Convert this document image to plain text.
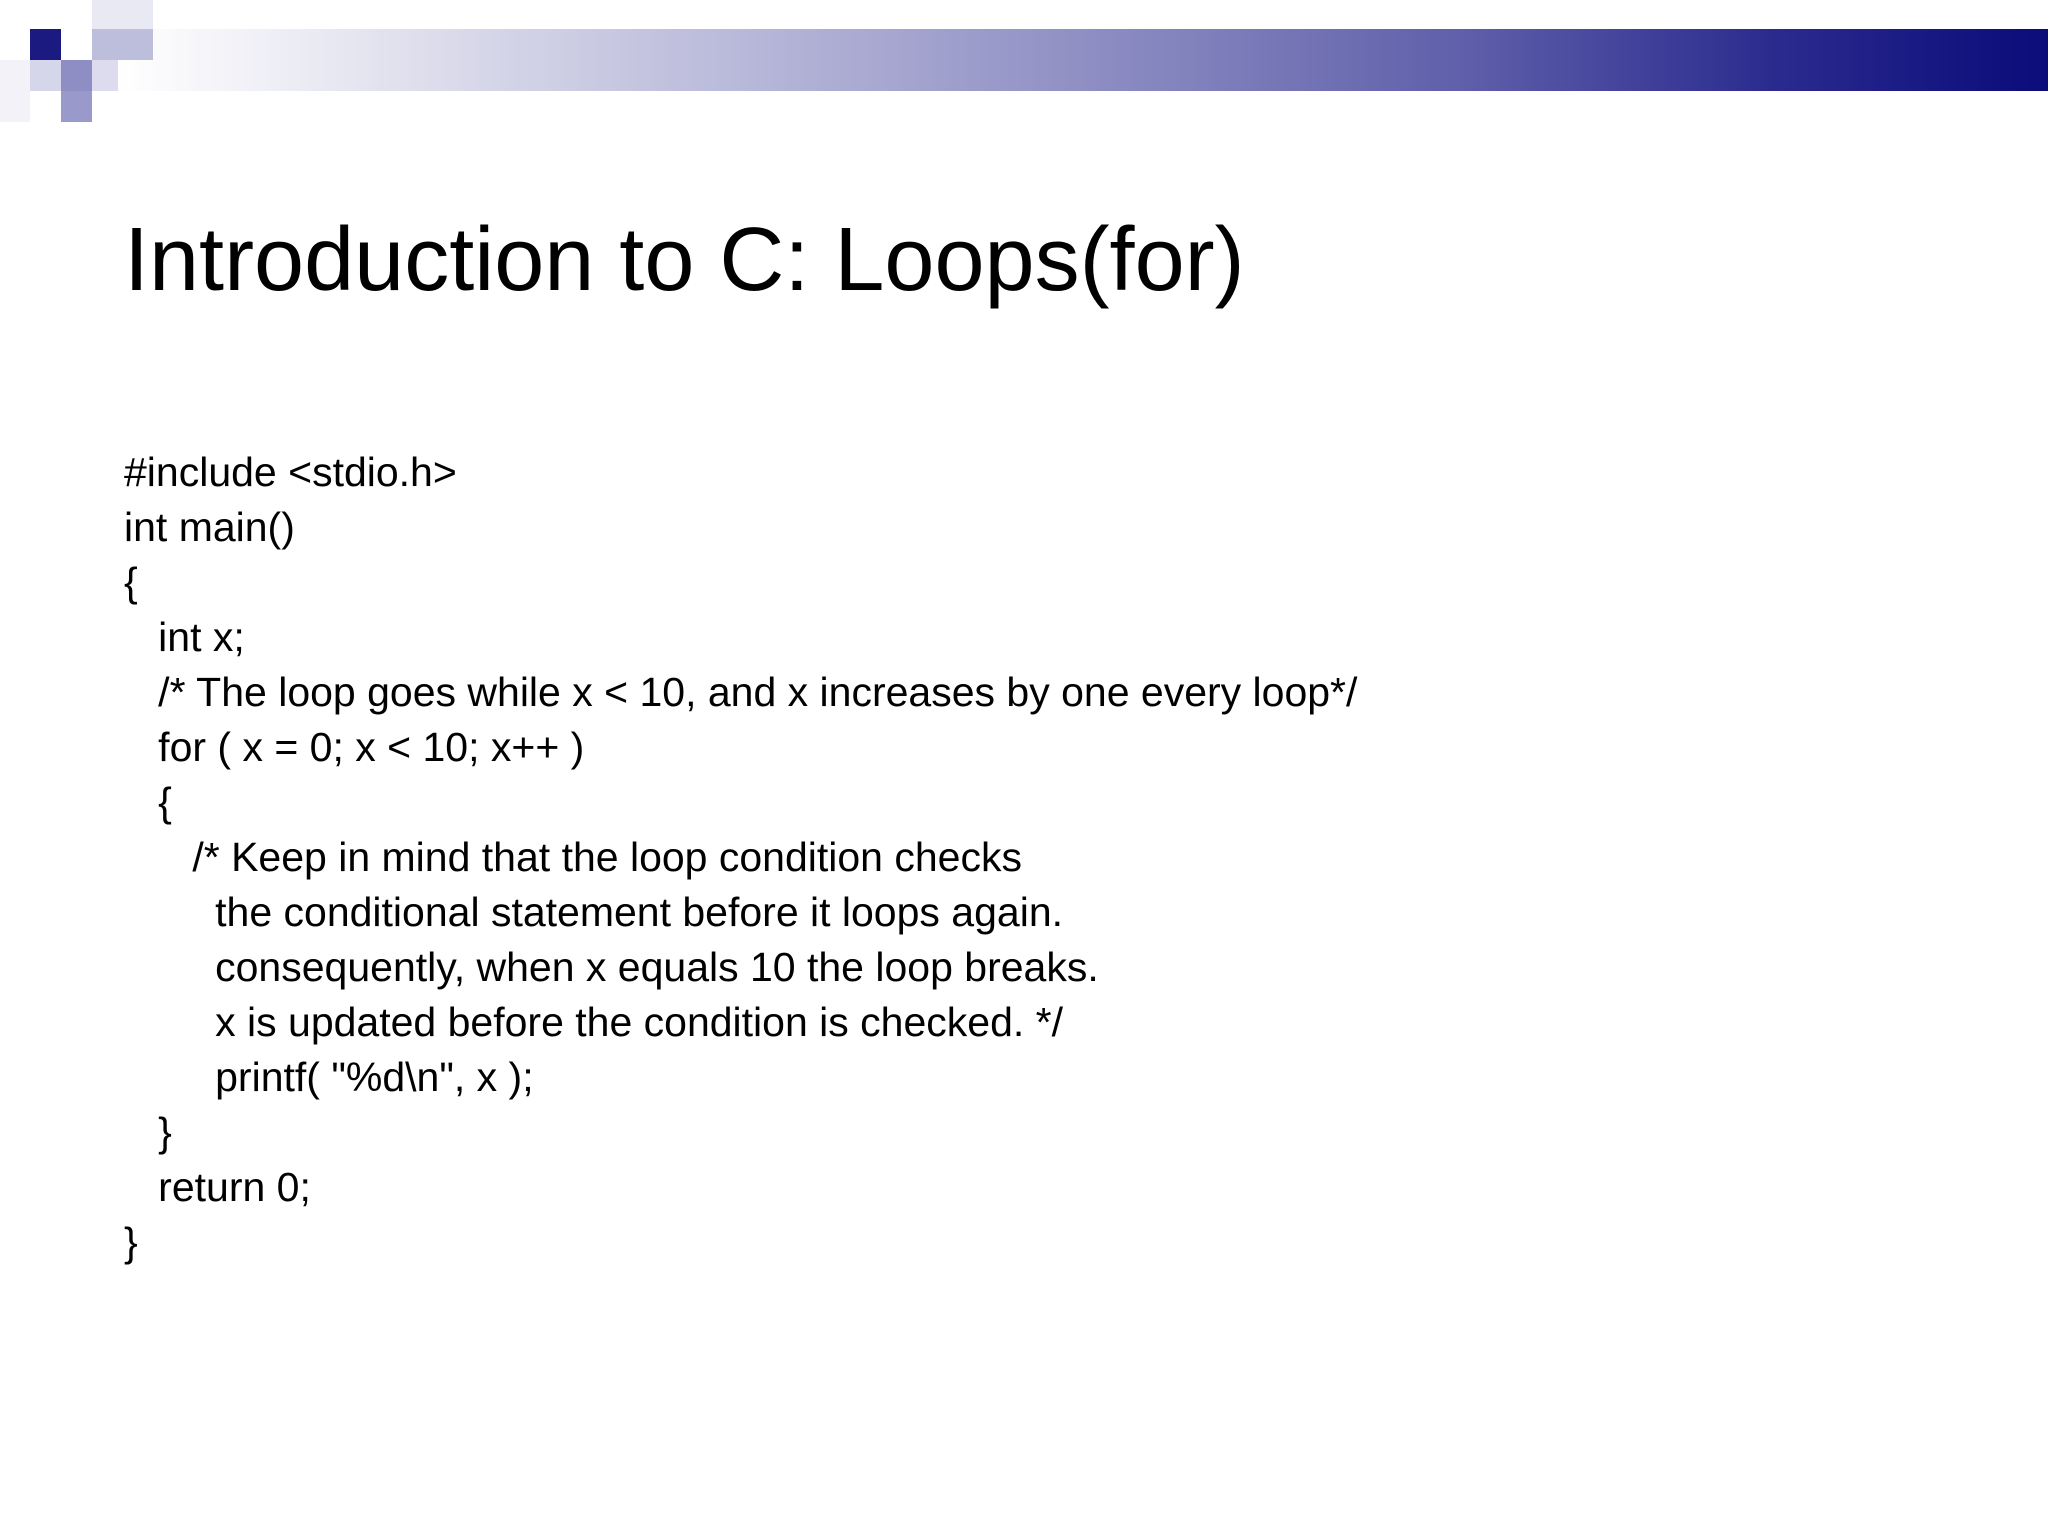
Introduction to C: Loops(for)
#include <stdio.h>
int main()
{
int x;
/* The loop goes while x < 10, and x increases by one every loop*/
for ( x = 0; x < 10; x++ )
{
/* Keep in mind that the loop condition checks
the conditional statement before it loops again.
consequently, when x equals 10 the loop breaks.
x is updated before the condition is checked. */
printf( "%d\n", x );
}
return 0;
}
